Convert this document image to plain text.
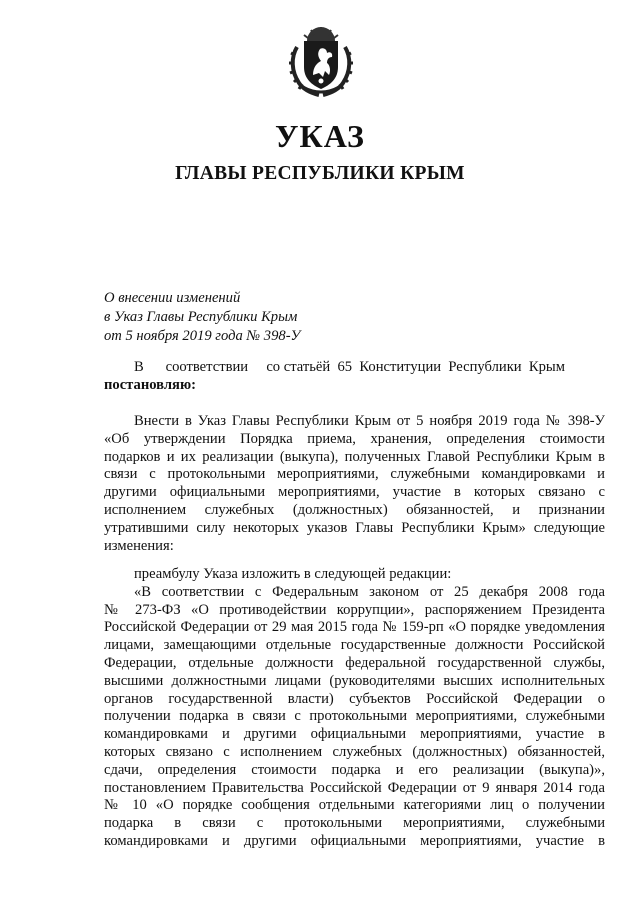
УКАЗ
ГЛАВЫ РЕСПУБЛИКИ КРЫМ
О внесении изменений
в Указ Главы Республики Крым
от 5 ноября 2019 года № 398-У
В      соответствии     со статьёй  65  Конституции  Республики  Крым
постановляю:
Внести в Указ Главы Республики Крым от 5 ноября 2019 года № 398-У
«Об утверждении Порядка приема, хранения, определения стоимости
подарков и их реализации (выкупа), полученных Главой Республики Крым в
связи с протокольными мероприятиями, служебными командировками и
другими официальными мероприятиями, участие в которых связано с
исполнением служебных (должностных) обязанностей, и признании
утратившими силу некоторых указов Главы Республики Крым» следующие
изменения:
преамбулу Указа изложить в следующей редакции:
«В соответствии с Федеральным законом от 25 декабря 2008 года
№ 273-ФЗ «О противодействии коррупции», распоряжением Президента
Российской Федерации от 29 мая 2015 года № 159-рп «О порядке уведомления
лицами, замещающими отдельные государственные должности Российской
Федерации, отдельные должности федеральной государственной службы,
высшими должностными лицами (руководителями высших исполнительных
органов государственной власти) субъектов Российской Федерации о
получении подарка в связи с протокольными мероприятиями, служебными
командировками и другими официальными мероприятиями, участие в
которых связано с исполнением служебных (должностных) обязанностей,
сдачи, определения стоимости подарка и его реализации (выкупа)»,
постановлением Правительства Российской Федерации от 9 января 2014 года
№ 10 «О порядке сообщения отдельными категориями лиц о получении
подарка в связи с протокольными мероприятиями, служебными
командировками и другими официальными мероприятиями, участие в
